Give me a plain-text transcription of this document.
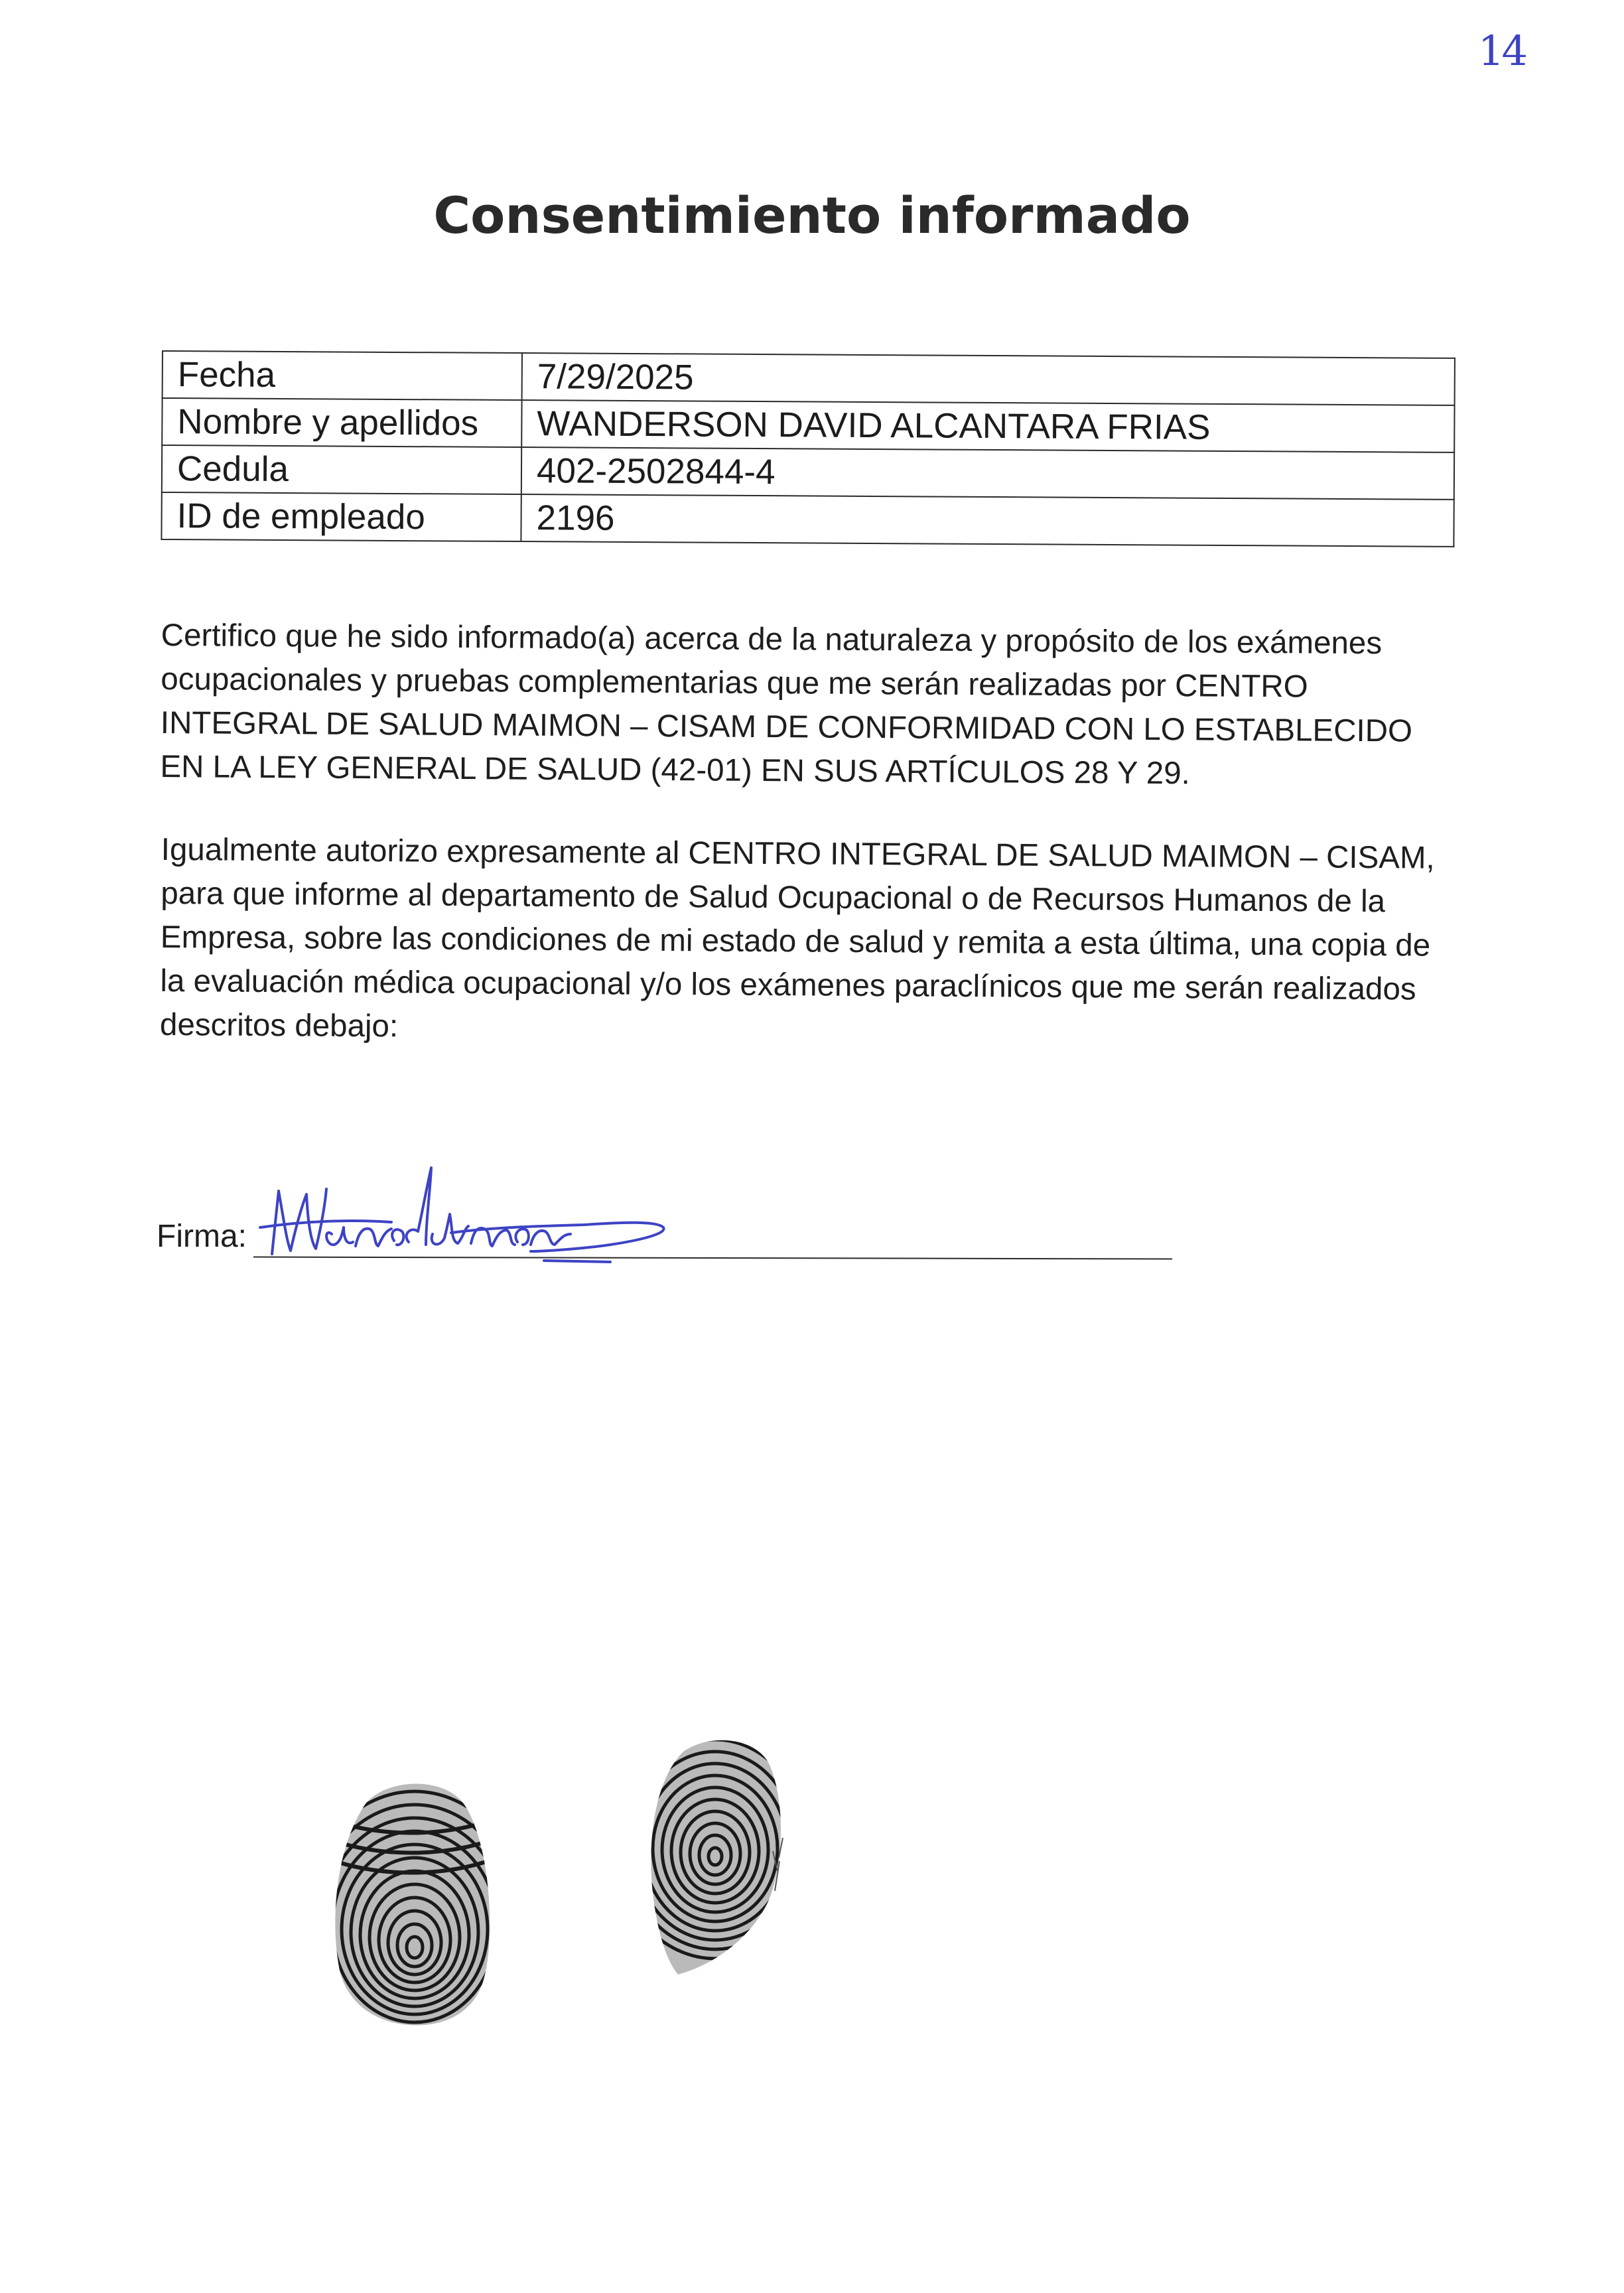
14
Consentimiento informado
Fecha	7/29/2025
Nombre y apellidos	WANDERSON DAVID ALCANTARA FRIAS
Cedula	402-2502844-4
ID de empleado	2196

Certifico que he sido informado(a) acerca de la naturaleza y propósito de los exámenes ocupacionales y pruebas complementarias que me serán realizadas por CENTRO INTEGRAL DE SALUD MAIMON – CISAM DE CONFORMIDAD CON LO ESTABLECIDO EN LA LEY GENERAL DE SALUD (42-01) EN SUS ARTÍCULOS 28 Y 29.

Igualmente autorizo expresamente al CENTRO INTEGRAL DE SALUD MAIMON – CISAM, para que informe al departamento de Salud Ocupacional o de Recursos Humanos de la Empresa, sobre las condiciones de mi estado de salud y remita a esta última, una copia de la evaluación médica ocupacional y/o los exámenes paraclínicos que me serán realizados descritos debajo:

Firma:
